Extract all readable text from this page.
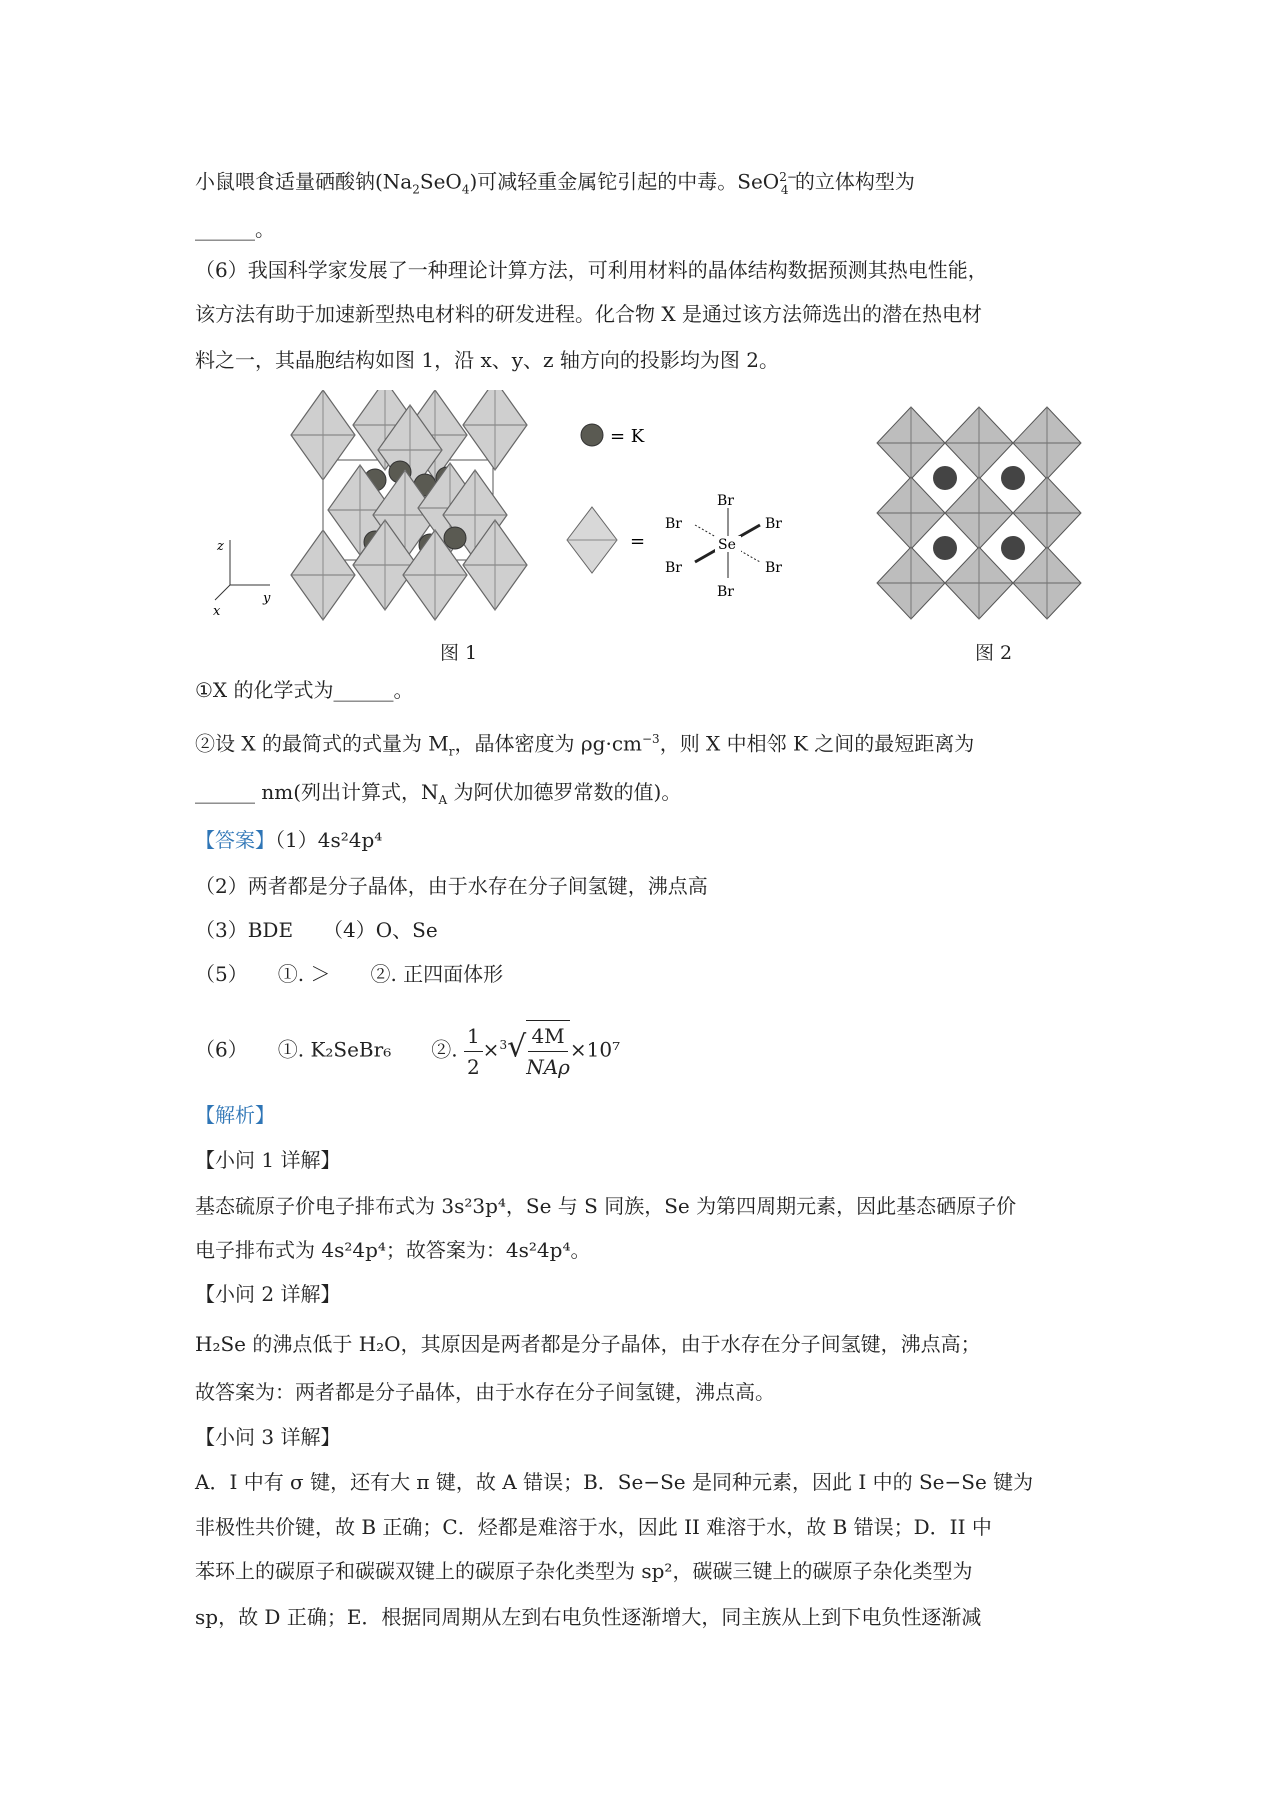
小鼠喂食适量硒酸钠$(Na_2SeO_4)$可减轻重金属铊引起的中毒。SeO$^{2-}_4$ 的立体构型为
______。
（6）我国科学家发展了一种理论计算方法，可利用材料的晶体结构数据预测其热电性能，
该方法有助于加速新型热电材料的研发进程。化合物 X 是通过该方法筛选出的潜在热电材
料之一，其晶胞结构如图 1，沿 x、y、z 轴方向的投影均为图 2。
z
y
x
= K
=
Br
Br	Br
Br	Br
Br
Se
图 1	图 2
①X 的化学式为______。
②设 X 的最简式的式量为 $M_r$，晶体密度为 $\rho g\cdot cm^{-3}$，则 X 中相邻 K 之间的最短距离为
______ nm(列出计算式，$N_A$ 为阿伏加德罗常数的值)。
【答案】（1）4s²4p⁴
（2）两者都是分子晶体，由于水存在分子间氢键，沸点高
（3）BDE　　（4）O、Se
（5）　　①. ＞　　②. 正四面体形
（6）　　①. K₂SeBr₆　　②. $\frac{1}{2} \times^3√ \frac{4M}{\text{NAρ}} \times 10^7$
【解析】
【小问 1 详解】
基态硫原子价电子排布式为 3s²3p⁴，Se 与 S 同族，Se 为第四周期元素，因此基态硒原子价
电子排布式为 4s²4p⁴；故答案为：4s²4p⁴。
【小问 2 详解】
H₂Se 的沸点低于 H₂O，其原因是两者都是分子晶体，由于水存在分子间氢键，沸点高；
故答案为：两者都是分子晶体，由于水存在分子间氢键，沸点高。
【小问 3 详解】
A．I 中有 σ 键，还有大 π 键，故 A 错误；B．Se−Se 是同种元素，因此 I 中的 Se−Se 键为
非极性共价键，故 B 正确；C．烃都是难溶于水，因此 II 难溶于水，故 B 错误；D．II 中
苯环上的碳原子和碳碳双键上的碳原子杂化类型为 sp²，碳碳三键上的碳原子杂化类型为
sp，故 D 正确；E．根据同周期从左到右电负性逐渐增大，同主族从上到下电负性逐渐减
